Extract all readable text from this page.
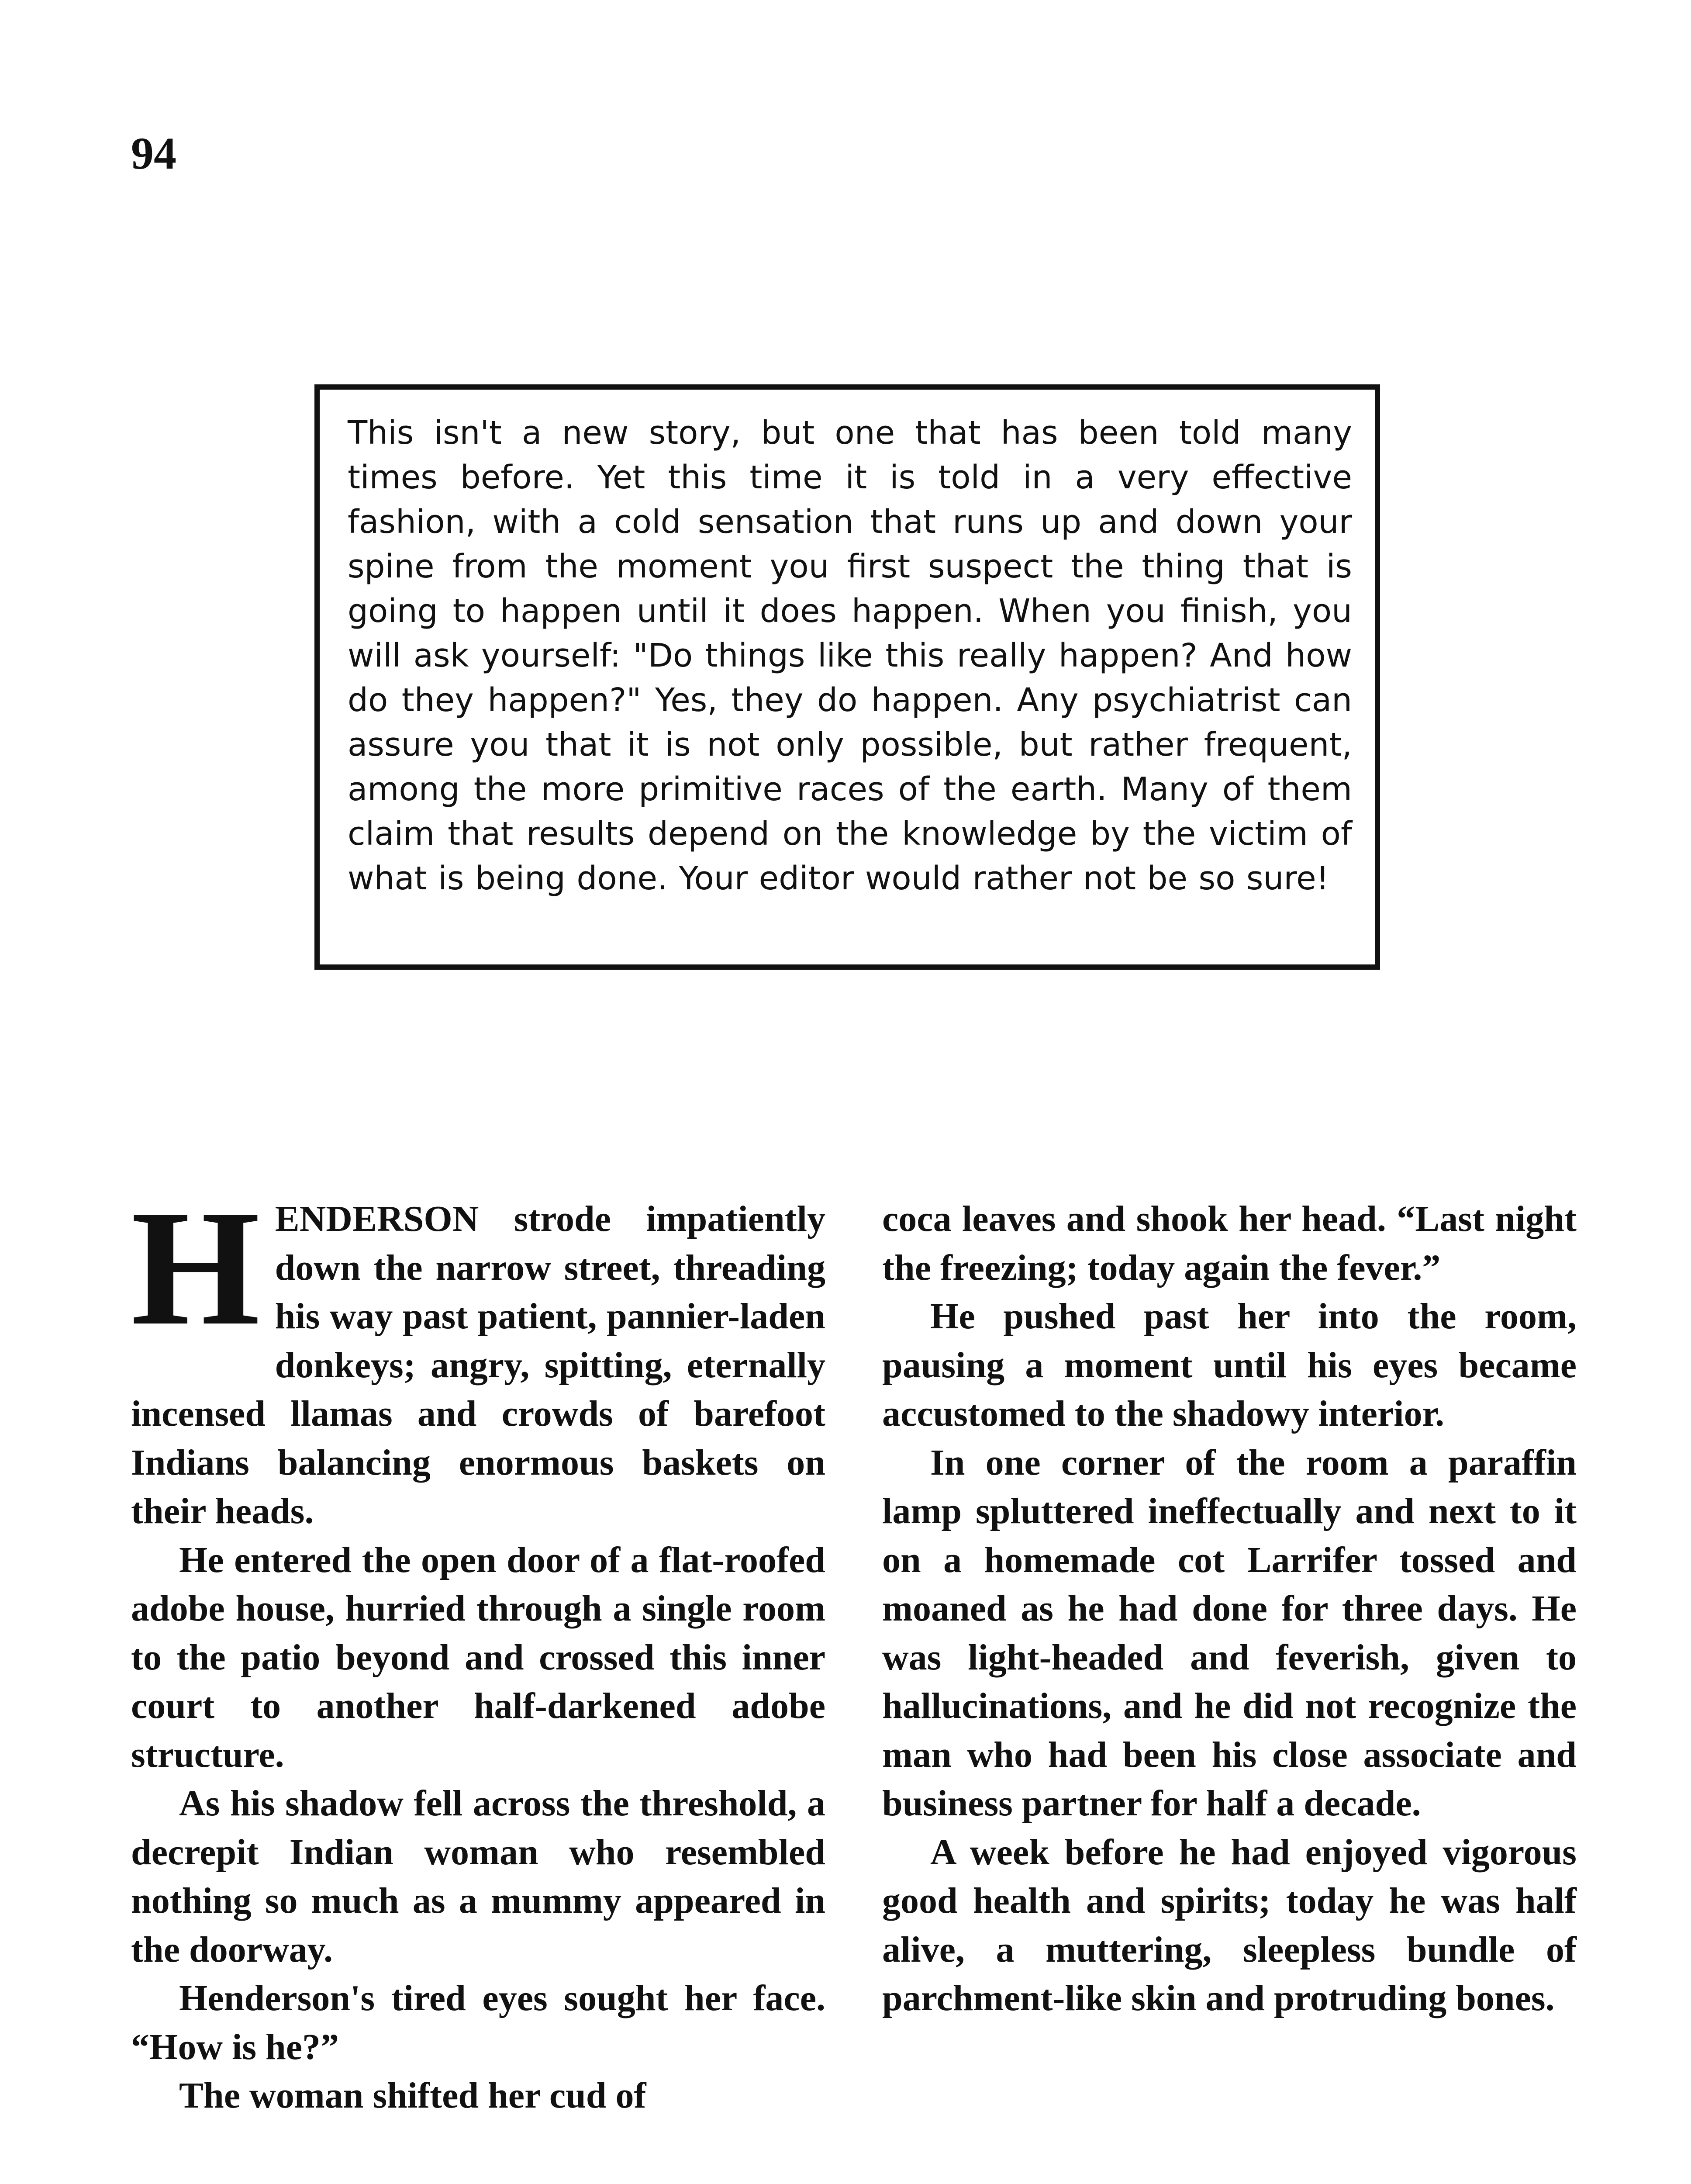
94

This isn't a new story, but one that has been told many times before. Yet this time it is told in a very effective fashion, with a cold sensation that runs up and down your spine from the moment you first suspect the thing that is going to happen until it does happen. When you finish, you will ask yourself: "Do things like this really happen? And how do they happen?" Yes, they do happen. Any psychiatrist can assure you that it is not only possible, but rather frequent, among the more primitive races of the earth. Many of them claim that results depend on the knowledge by the victim of what is being done. Your editor would rather not be so sure!

HENDERSON strode impatiently down the narrow street, threading his way past patient, pannier-laden donkeys; angry, spitting, eternally incensed llamas and crowds of barefoot Indians balancing enormous baskets on their heads.

He entered the open door of a flat-roofed adobe house, hurried through a single room to the patio beyond and crossed this inner court to another half-darkened adobe structure.

As his shadow fell across the threshold, a decrepit Indian woman who resembled nothing so much as a mummy appeared in the doorway.

Henderson's tired eyes sought her face. “How is he?”

The woman shifted her cud of

coca leaves and shook her head. “Last night the freezing; today again the fever.”

He pushed past her into the room, pausing a moment until his eyes became accustomed to the shadowy interior.

In one corner of the room a paraffin lamp spluttered ineffectually and next to it on a homemade cot Larrifer tossed and moaned as he had done for three days. He was light-headed and feverish, given to hallucinations, and he did not recognize the man who had been his close associate and business partner for half a decade.

A week before he had enjoyed vigorous good health and spirits; today he was half alive, a muttering, sleepless bundle of parchment-like skin and protruding bones.
